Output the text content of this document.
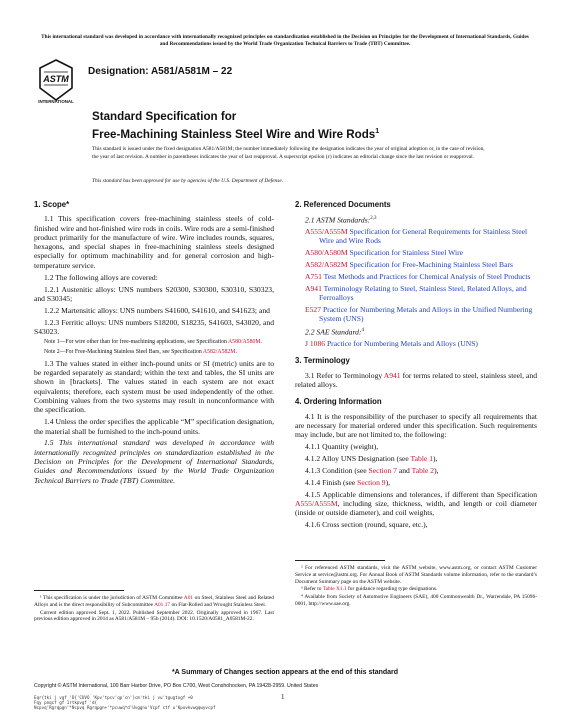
This international standard was developed in accordance with internationally recognized principles on standardization established in the Decision on Principles for the Development of International Standards, Guides and Recommendations issued by the World Trade Organization Technical Barriers to Trade (TBT) Committee.
ASTM
INTERNATIONAL
Designation: A581/A581M – 22
Standard Specification for
Free-Machining Stainless Steel Wire and Wire Rods$^1$
This standard is issued under the fixed designation A581/A581M; the number immediately following the designation indicates the year of original adoption or, in the case of revision, the year of last revision. A number in parentheses indicates the year of last reapproval. A superscript epsilon (ε) indicates an editorial change since the last revision or reapproval.
This standard has been approved for use by agencies of the U.S. Department of Defense.
1. Scope*

1.1 This specification covers free-machining stainless steels of cold-finished wire and hot-finished wire rods in coils. Wire rods are a semi-finished product primarily for the manufacture of wire. Wire includes rounds, squares, hexagons, and special shapes in free-machining stainless steels designed especially for optimum machinability and for general corrosion and high-temperature service.

1.2 The following alloys are covered:

1.2.1 Austenitic alloys: UNS numbers S20300, S30300, S30310, S30323, and S30345;

1.2.2 Martensitic alloys: UNS numbers S41600, S41610, and S41623; and

1.2.3 Ferritic alloys: UNS numbers S18200, S18235, S41603, S43020, and S43023.

Note 1—For wire other than for free-machining applications, see Specification A580/A580M.

Note 2—For Free-Machining Stainless Steel Bars, see Specification A582/A582M.

1.3 The values stated in either inch-pound units or SI (metric) units are to be regarded separately as standard; within the text and tables, the SI units are shown in [brackets]. The values stated in each system are not exact equivalents; therefore, each system must be used independently of the other. Combining values from the two systems may result in nonconformance with the specification.

1.4 Unless the order specifies the applicable “M” specification designation, the material shall be furnished to the inch-pound units.

1.5 This international standard was developed in accordance with internationally recognized principles on standardization established in the Decision on Principles for the Development of International Standards, Guides and Recommendations issued by the World Trade Organization Technical Barriers to Trade (TBT) Committee.

2. Referenced Documents

2.1 ASTM Standards:$^{2,3}$

A555/A555M Specification for General Requirements for Stainless Steel Wire and Wire Rods

A580/A580M Specification for Stainless Steel Wire

A582/A582M Specification for Free-Machining Stainless Steel Bars

A751 Test Methods and Practices for Chemical Analysis of Steel Products

A941 Terminology Relating to Steel, Stainless Steel, Related Alloys, and Ferroalloys

E527 Practice for Numbering Metals and Alloys in the Unified Numbering System (UNS)

2.2 SAE Standard:$^4$

J 1086 Practice for Numbering Metals and Alloys (UNS)

3. Terminology

3.1 Refer to Terminology A941 for terms related to steel, stainless steel, and related alloys.

4. Ordering Information

4.1 It is the responsibility of the purchaser to specify all requirements that are necessary for material ordered under this specification. Such requirements may include, but are not limited to, the following:

4.1.1 Quantity (weight),

4.1.2 Alloy UNS Designation (see Table 1),

4.1.3 Condition (see Section 7 and Table 2),

4.1.4 Finish (see Section 9),

4.1.5 Applicable dimensions and tolerances, if different than Specification A555/A555M, including size, thickness, width, and length or coil diameter (inside or outside diameter), and coil weights,

4.1.6 Cross section (round, square, etc.),

¹ This specification is under the jurisdiction of ASTM Committee A01 on Steel, Stainless Steel and Related Alloys and is the direct responsibility of Subcommittee A01.17 on Flat-Rolled and Wrought Stainless Steel.

Current edition approved Sept. 1, 2022. Published September 2022. Originally approved in 1967. Last previous edition approved in 2014 as A581/A581M – 95b (2014). DOI: 10.1520/A0581_A0581M-22.

² For referenced ASTM standards, visit the ASTM website, www.astm.org, or contact ASTM Customer Service at service@astm.org. For Annual Book of ASTM Standards volume information, refer to the standard’s Document Summary page on the ASTM website.

³ Refer to Table X1.1 for guidance regarding type designations.

⁴ Available from Society of Automotive Engineers (SAE), 400 Commonwealth Dr., Warrendale, PA 15096-0001, http://www.sae.org.

*A Summary of Changes section appears at the end of this standard
Copyright © ASTM International, 100 Barr Harbor Drive, PO Box C700, West Conshohocken, PA 19428-2959. United States
1
Eqr{tki j vgf 'D{'CUVO 'Kpv'tpcv'qp'cn'}cm'tki j vu'tgugtxgf +0
Fqy pnqcf gf 1rtkpvgf 'd{
Ncpvq'Rgrqpgn'*Ncpvq Rgrqpgn+'*pcuwq*d'Uvggnu'Vcpf ctf u'Kpuvkvwgqwyvcpf
